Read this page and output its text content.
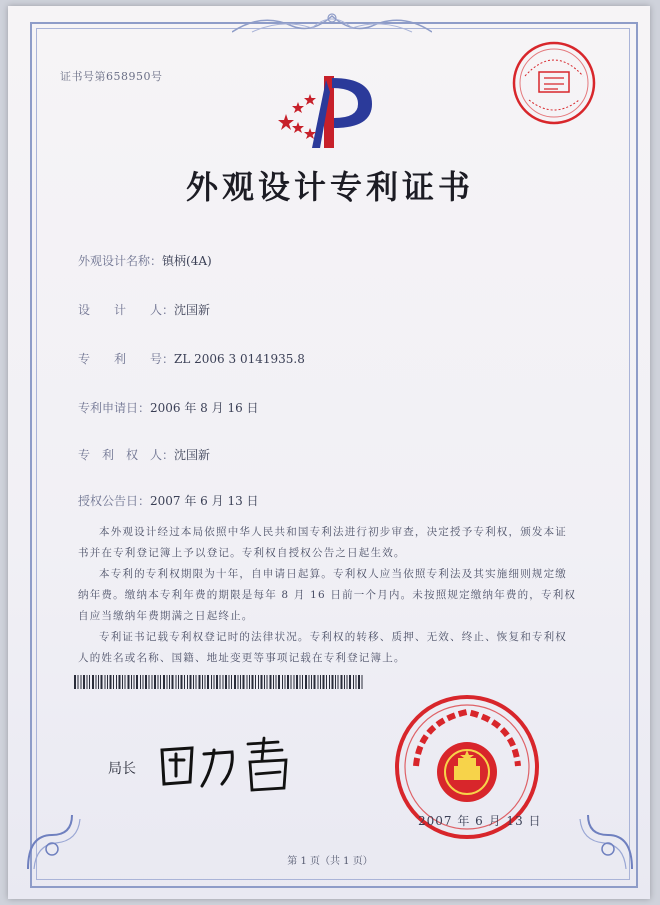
证书号第658950号
外观设计专利证书
外观设计名称：镇柄(4A)
设　　计　　人：沈国新
专　　利　　号：ZL 2006 3 0141935.8
专利申请日：2006 年 8 月 16 日
专　利　权　人：沈国新
授权公告日：2007 年 6 月 13 日

本外观设计经过本局依照中华人民共和国专利法进行初步审查，决定授予专利权，颁发本证书并在专利登记簿上予以登记。专利权自授权公告之日起生效。

本专利的专利权期限为十年，自申请日起算。专利权人应当依照专利法及其实施细则规定缴纳年费。缴纳本专利年费的期限是每年 8 月 16 日前一个月内。未按照规定缴纳年费的，专利权自应当缴纳年费期满之日起终止。

专利证书记载专利权登记时的法律状况。专利权的转移、质押、无效、终止、恢复和专利权人的姓名或名称、国籍、地址变更等事项记载在专利登记簿上。

局长
2007 年 6 月 13 日
第 1 页（共 1 页）
